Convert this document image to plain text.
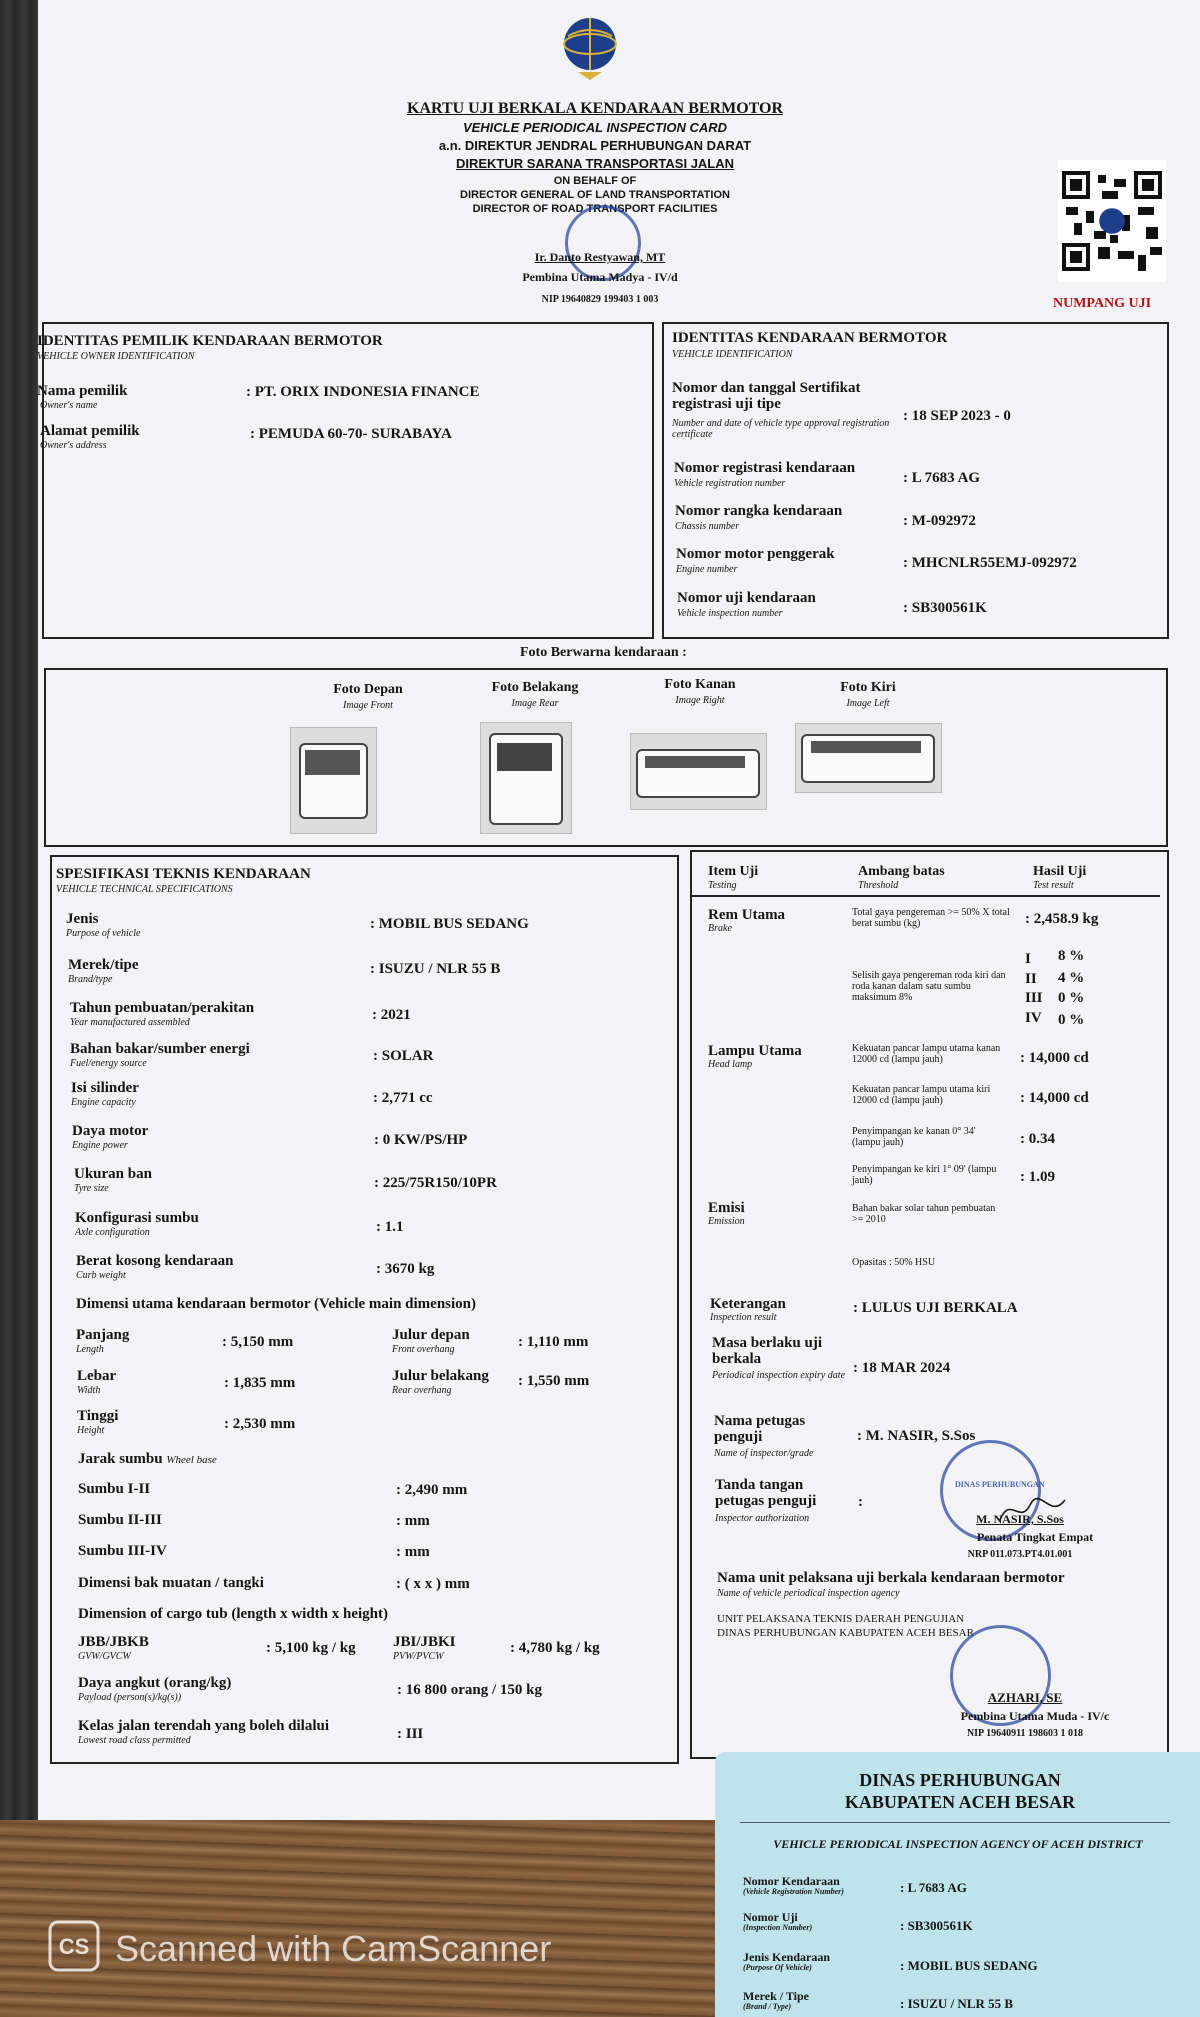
KARTU UJI BERKALA KENDARAAN BERMOTOR
VEHICLE PERIODICAL INSPECTION CARD
a.n. DIREKTUR JENDRAL PERHUBUNGAN DARAT
DIREKTUR SARANA TRANSPORTASI JALAN
ON BEHALF OF
DIRECTOR GENERAL OF LAND TRANSPORTATION
DIRECTOR OF ROAD TRANSPORT FACILITIES
Ir. Danto Restyawan, MT
Pembina Utama Madya - IV/d
NIP 19640829 199403 1 003	NUMPANG UJI
IDENTITAS PEMILIK KENDARAAN BERMOTOR
VEHICLE OWNER IDENTIFICATION
Nama pemilik
Owner's name
: PT. ORIX INDONESIA FINANCE
Alamat pemilik
Owner's address
: PEMUDA 60-70- SURABAYA
IDENTITAS KENDARAAN BERMOTOR
VEHICLE IDENTIFICATION
Nomor dan tanggal Sertifikat registrasi uji tipe
Number and date of vehicle type approval registration certificate
: 18 SEP 2023 - 0
Nomor registrasi kendaraan
Vehicle registration number	: L 7683 AG
Nomor rangka kendaraan
Chassis number	: M-092972
Nomor motor penggerak
Engine number	: MHCNLR55EMJ-092972
Nomor uji kendaraan
Vehicle inspection number	: SB300561K
Foto Berwarna kendaraan :
Foto Depan
Image Front
Foto Belakang
Image Rear
Foto Kanan
Image Right
Foto Kiri
Image Left
SPESIFIKASI TEKNIS KENDARAAN
VEHICLE TECHNICAL SPECIFICATIONS
Jenis
Purpose of vehicle
: MOBIL BUS SEDANG
Merek/tipe
Brand/type
: ISUZU / NLR 55 B
Tahun pembuatan/perakitan
Year manufactured assembled	: 2021
Bahan bakar/sumber energi
Fuel/energy source	: SOLAR
Isi silinder
Engine capacity	: 2,771 cc
Daya motor
Engine power	: 0 KW/PS/HP
Ukuran ban
Tyre size	: 225/75R150/10PR
Konfigurasi sumbu
Axle configuration	: 1.1
Berat kosong kendaraan
Curb weight	: 3670 kg
Dimensi utama kendaraan bermotor (Vehicle main dimension)
Panjang
Length	: 5,150 mm	Julur depan
Front overhang	: 1,110 mm
Lebar
Width	: 1,835 mm	Julur belakang
Rear overhang
: 1,550 mm
Tinggi
Height	: 2,530 mm
Jarak sumbu Wheel base
Sumbu I-II	: 2,490 mm
Sumbu II-III	: mm
Sumbu III-IV	: mm
Dimensi bak muatan / tangki	: ( x x ) mm
Dimension of cargo tub (length x width x height)
JBB/JBKB
GVW/GVCW
: 5,100 kg / kg JBI/JBKI
PVW/PVCW
: 4,780 kg / kg
Daya angkut (orang/kg)
Payload (person(s)/kg(s))	: 16 800 orang / 150 kg
Kelas jalan terendah yang boleh dilalui
Lowest road class permitted	: III
Item Uji
Testing
Ambang batas
Threshold
Hasil Uji
Test result
Rem Utama
Brake
Total gaya pengereman >= 50% X total berat sumbu (kg)	: 2,458.9 kg
Selisih gaya pengereman roda kiri dan roda kanan dalam satu sumbu maksimum 8%
I 8 %
II 4 %
III 0 %
IV 0 %
Lampu Utama
Head lamp
Kekuatan pancar lampu utama kanan 12000 cd (lampu jauh)	: 14,000 cd
Kekuatan pancar lampu utama kiri 12000 cd (lampu jauh)	: 14,000 cd
Penyimpangan ke kanan 0° 34' (lampu jauh)	: 0.34
Penyimpangan ke kiri 1° 09' (lampu jauh)	: 1.09
Emisi
Emission
Bahan bakar solar tahun pembuatan >= 2010
Opasitas : 50% HSU
Keterangan
Inspection result
: LULUS UJI BERKALA
Masa berlaku uji berkala
Periodical inspection expiry date : 18 MAR 2024
Nama petugas penguji
Name of inspector/grade
: M. NASIR, S.Sos
Tanda tangan petugas penguji
Inspector authorization
:
DINAS PERHUBUNGAN
M. NASIR, S.Sos
Penata Tingkat Empat
NRP 011.073.PT4.01.001
Nama unit pelaksana uji berkala kendaraan bermotor
Name of vehicle periodical inspection agency
UNIT PELAKSANA TEKNIS DAERAH PENGUJIAN
DINAS PERHUBUNGAN KABUPATEN ACEH BESAR
AZHARI, SE
Pembina Utama Muda - IV/c
NIP 19640911 198603 1 018
DINAS PERHUBUNGAN
KABUPATEN ACEH BESAR
VEHICLE PERIODICAL INSPECTION AGENCY OF ACEH DISTRICT
Nomor Kendaraan
(Vehicle Registration Number)	: L 7683 AG
Nomor Uji
(Inspection Number)	: SB300561K
Jenis Kendaraan
(Purpose Of Vehicle)	: MOBIL BUS SEDANG
Merek / Tipe
(Brand / Type)	: ISUZU / NLR 55 B
CS Scanned with CamScanner
